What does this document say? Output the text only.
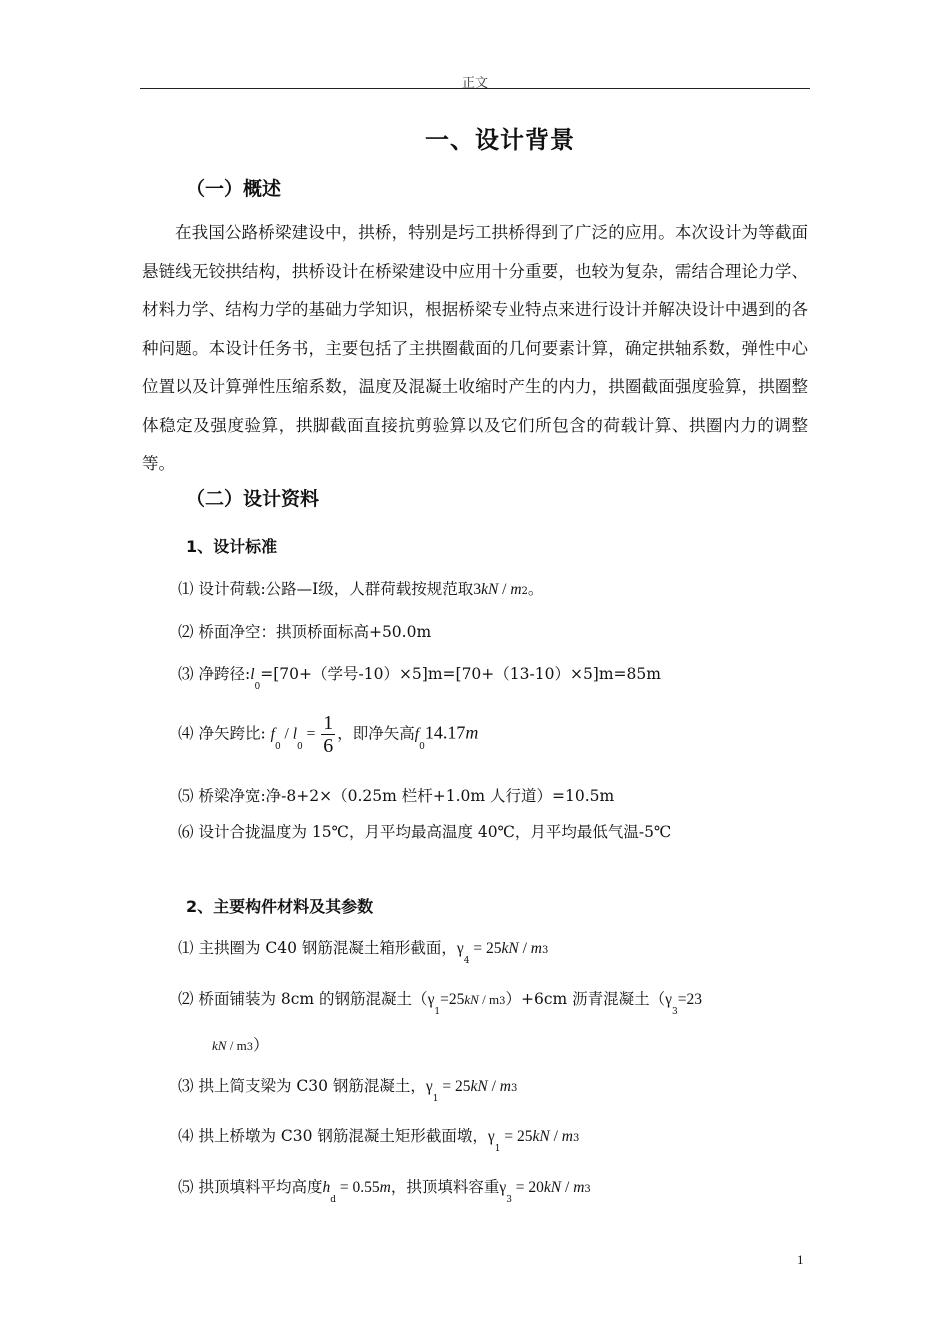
正文
一、设计背景
（一）概述

在我国公路桥梁建设中，拱桥，特别是圬工拱桥得到了广泛的应用。本次设计为等截面悬链线无铰拱结构，拱桥设计在桥梁建设中应用十分重要，也较为复杂，需结合理论力学、材料力学、结构力学的基础力学知识，根据桥梁专业特点来进行设计并解决设计中遇到的各种问题。本设计任务书，主要包括了主拱圈截面的几何要素计算，确定拱轴系数，弹性中心位置以及计算弹性压缩系数，温度及混凝土收缩时产生的内力，拱圈截面强度验算，拱圈整体稳定及强度验算，拱脚截面直接抗剪验算以及它们所包含的荷载计算、拱圈内力的调整等。

（二）设计资料
1、设计标准
⑴ 设计荷载:公路—Ⅰ级，人群荷载按规范取3kN / m2。
⑵ 桥面净空：拱顶桥面标高+50.0m
⑶ 净跨径$:l_0=[70+$（学号-10）×5]m=[70+（13-10）×5]m=85m
⑷ 净矢跨比: $f_0 / l_0 = \frac{1}{6}$ ，即净矢高$f_014.17m$
⑸ 桥梁净宽:净-8+2×（0.25m 栏杆+1.0m 人行道）=10.5m
⑹ 设计合拢温度为 15℃，月平均最高温度 40℃，月平均最低气温-5℃
2、主要构件材料及其参数
⑴ 主拱圈为 C40 钢筋混凝土箱形截面，$\gamma_4 = 25kN / m3$
⑵ 桥面铺装为 8cm 的钢筋混凝土$(\gamma_1=25kN / m3)+6cm$ 沥青混凝土（$\gamma_3=23$
kN / m3）
⑶ 拱上简支梁为 C30 钢筋混凝土，$\gamma_1 = 25kN / m3$
⑷ 拱上桥墩为 C30 钢筋混凝土矩形截面墩，$\gamma_1 = 25kN / m3$
⑸ 拱顶填料平均高度$h_d = 0.55m$，拱顶填料容重$\gamma_3 = 20kN / m3$
1
